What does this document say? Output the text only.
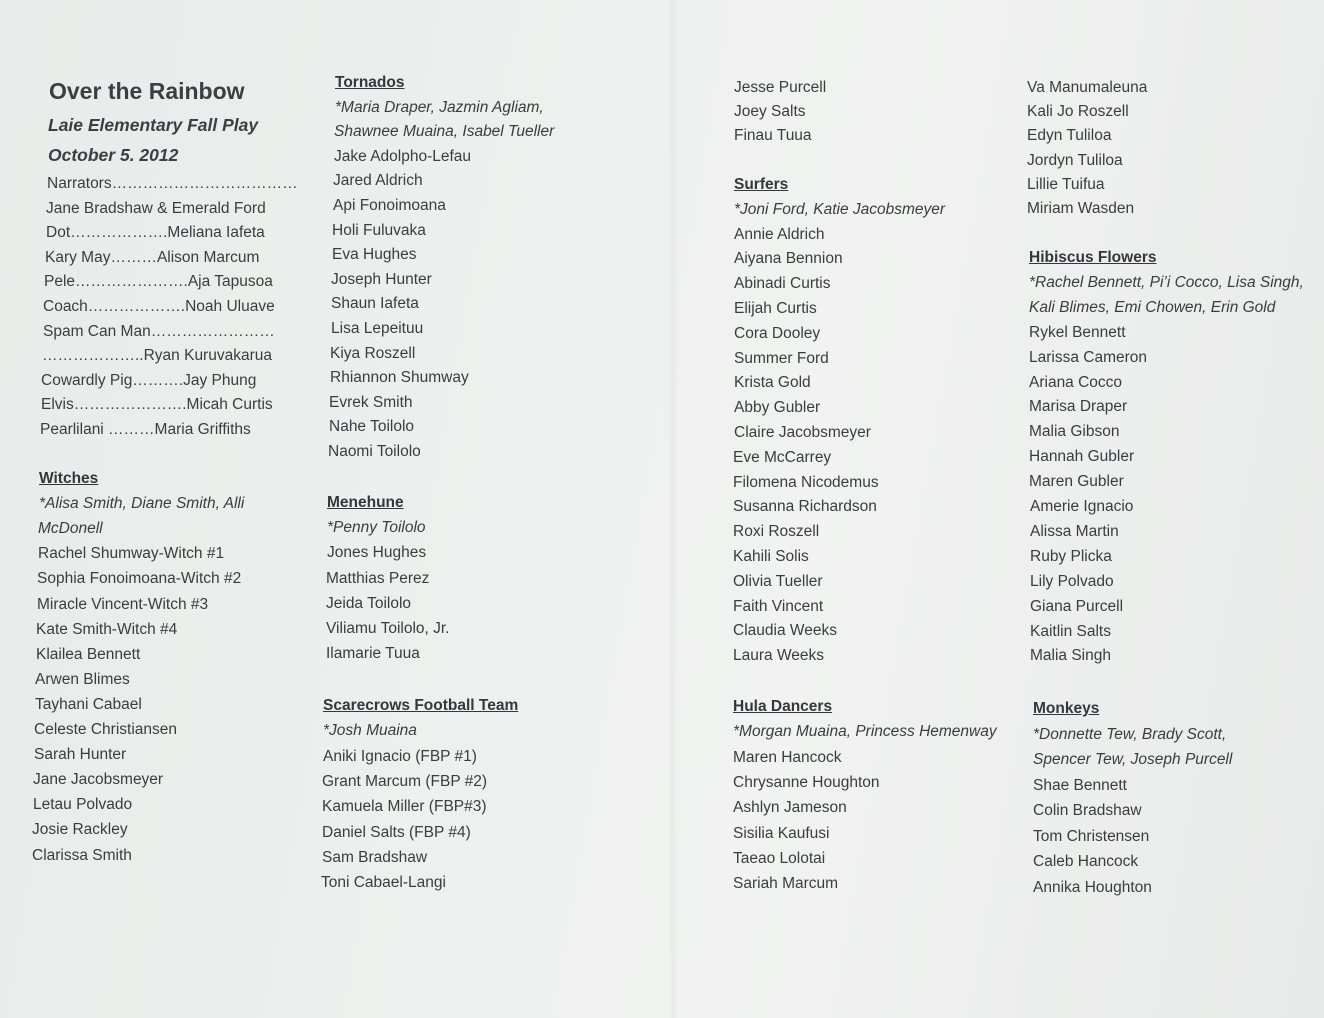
Over the Rainbow
Laie Elementary Fall Play
October 5. 2012
Narrators………………………………
Jane Bradshaw & Emerald Ford
Dot……………….Meliana Iafeta
Kary May………Alison Marcum
Pele………………….Aja Tapusoa
Coach……………….Noah Uluave
Spam Can Man……………………
………………..Ryan Kuruvakarua
Cowardly Pig……….Jay Phung
Elvis………………….Micah Curtis
Pearlilani ………Maria Griffiths
Witches
*Alisa Smith, Diane Smith, Alli
McDonell
Rachel Shumway-Witch #1
Sophia Fonoimoana-Witch #2
Miracle Vincent-Witch #3
Kate Smith-Witch #4
Klailea Bennett
Arwen Blimes
Tayhani Cabael
Celeste Christiansen
Sarah Hunter
Jane Jacobsmeyer
Letau Polvado
Josie Rackley
Clarissa Smith
Tornados
*Maria Draper, Jazmin Agliam,
Shawnee Muaina, Isabel Tueller
Jake Adolpho-Lefau
Jared Aldrich
Api Fonoimoana
Holi Fuluvaka
Eva Hughes
Joseph Hunter
Shaun Iafeta
Lisa Lepeituu
Kiya Roszell
Rhiannon Shumway
Evrek Smith
Nahe Toilolo
Naomi Toilolo
Menehune
*Penny Toilolo
Jones Hughes
Matthias Perez
Jeida Toilolo
Viliamu Toilolo, Jr.
Ilamarie Tuua
Scarecrows Football Team
*Josh Muaina
Aniki Ignacio (FBP #1)
Grant Marcum (FBP #2)
Kamuela Miller (FBP#3)
Daniel Salts (FBP #4)
Sam Bradshaw
Toni Cabael-Langi
Jesse Purcell
Joey Salts
Finau Tuua
Surfers
*Joni Ford, Katie Jacobsmeyer
Annie Aldrich
Aiyana Bennion
Abinadi Curtis
Elijah Curtis
Cora Dooley
Summer Ford
Krista Gold
Abby Gubler
Claire Jacobsmeyer
Eve McCarrey
Filomena Nicodemus
Susanna Richardson
Roxi Roszell
Kahili Solis
Olivia Tueller
Faith Vincent
Claudia Weeks
Laura Weeks
Hula Dancers
*Morgan Muaina, Princess Hemenway
Maren Hancock
Chrysanne Houghton
Ashlyn Jameson
Sisilia Kaufusi
Taeao Lolotai
Sariah Marcum
Va Manumaleuna
Kali Jo Roszell
Edyn Tuliloa
Jordyn Tuliloa
Lillie Tuifua
Miriam Wasden
Hibiscus Flowers
*Rachel Bennett, Pi’i Cocco, Lisa Singh,
Kali Blimes, Emi Chowen, Erin Gold
Rykel Bennett
Larissa Cameron
Ariana Cocco
Marisa Draper
Malia Gibson
Hannah Gubler
Maren Gubler
Amerie Ignacio
Alissa Martin
Ruby Plicka
Lily Polvado
Giana Purcell
Kaitlin Salts
Malia Singh
Monkeys
*Donnette Tew, Brady Scott,
Spencer Tew, Joseph Purcell
Shae Bennett
Colin Bradshaw
Tom Christensen
Caleb Hancock
Annika Houghton
